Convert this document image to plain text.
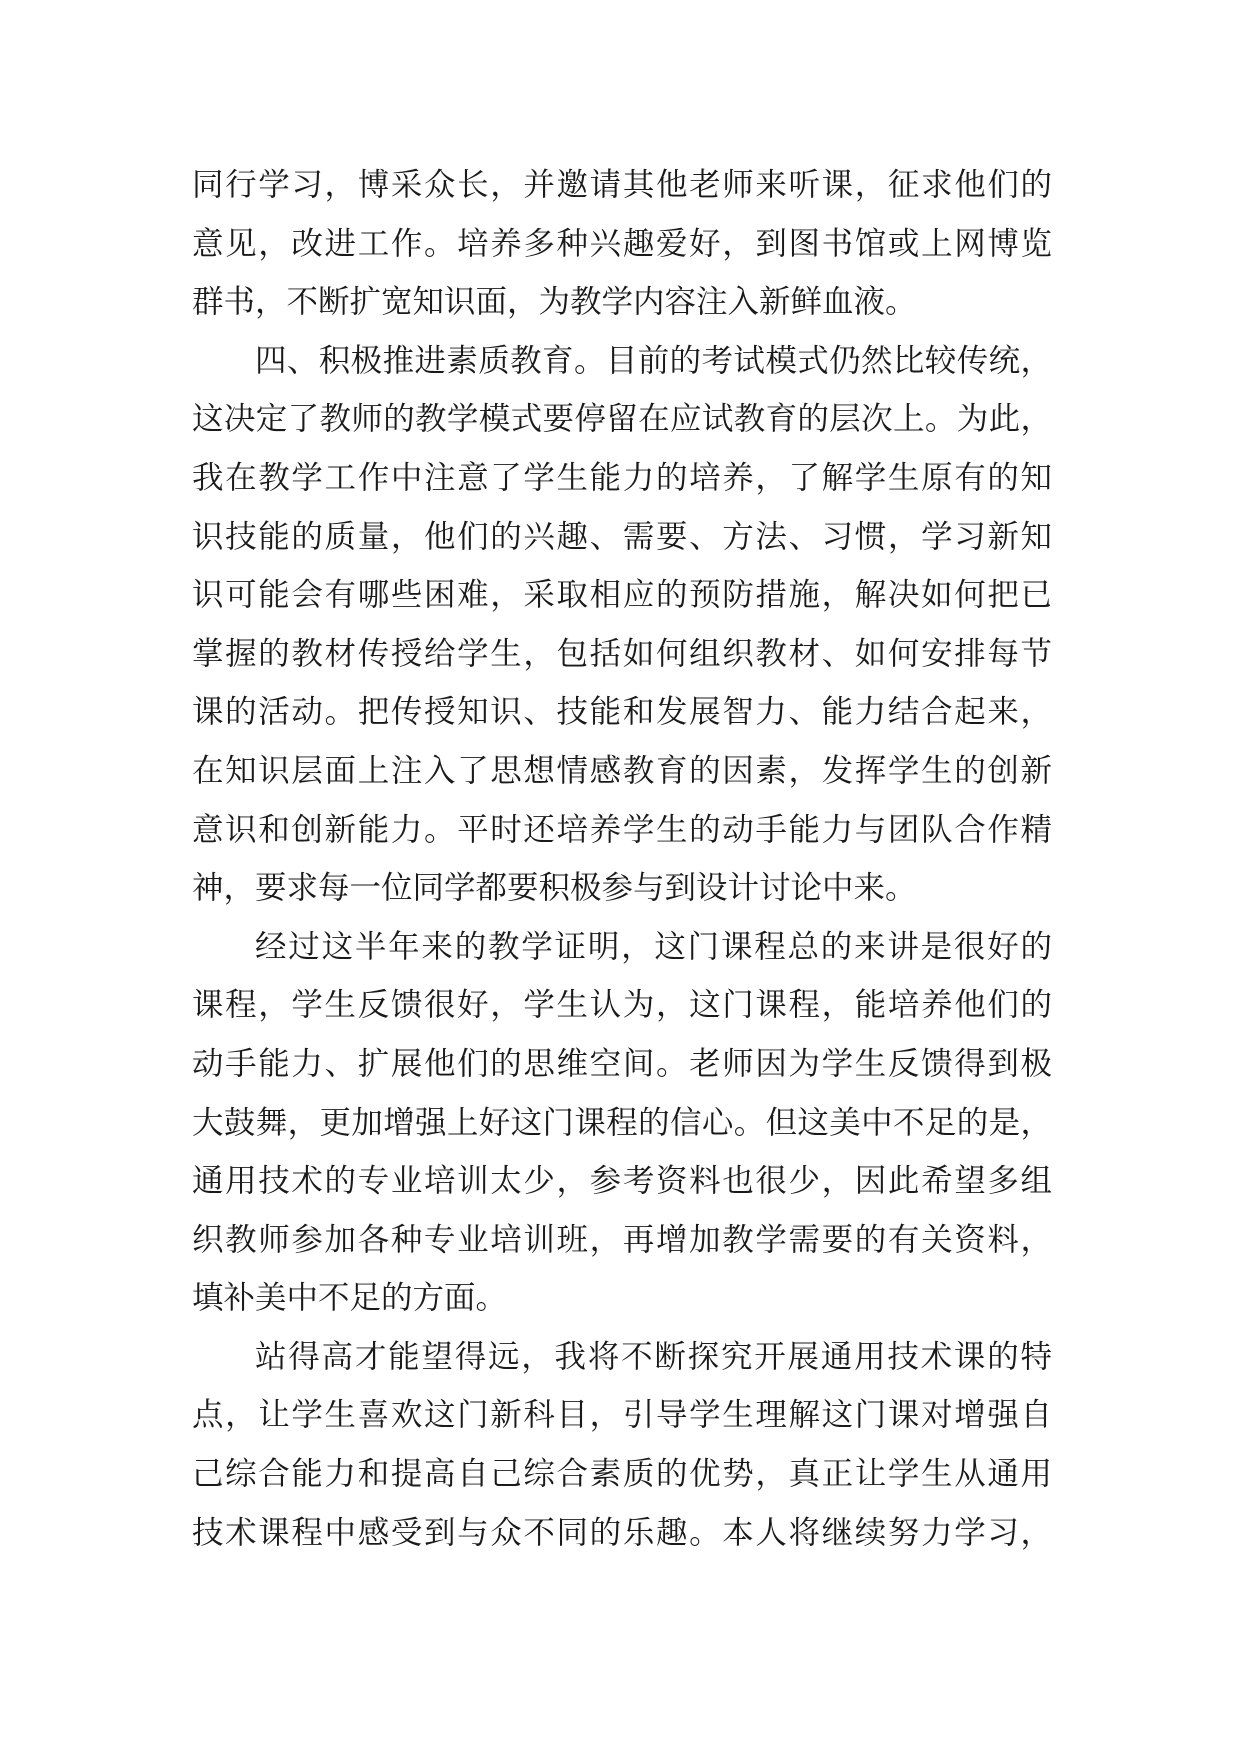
同行学习，博采众长，并邀请其他老师来听课，征求他们的
意见，改进工作。培养多种兴趣爱好，到图书馆或上网博览
群书，不断扩宽知识面，为教学内容注入新鲜血液。
四、积极推进素质教育。目前的考试模式仍然比较传统，
这决定了教师的教学模式要停留在应试教育的层次上。为此，
我在教学工作中注意了学生能力的培养，了解学生原有的知
识技能的质量，他们的兴趣、需要、方法、习惯，学习新知
识可能会有哪些困难，采取相应的预防措施，解决如何把已
掌握的教材传授给学生，包括如何组织教材、如何安排每节
课的活动。把传授知识、技能和发展智力、能力结合起来，
在知识层面上注入了思想情感教育的因素，发挥学生的创新
意识和创新能力。平时还培养学生的动手能力与团队合作精
神，要求每一位同学都要积极参与到设计讨论中来。
经过这半年来的教学证明，这门课程总的来讲是很好的
课程，学生反馈很好，学生认为，这门课程，能培养他们的
动手能力、扩展他们的思维空间。老师因为学生反馈得到极
大鼓舞，更加增强上好这门课程的信心。但这美中不足的是，
通用技术的专业培训太少，参考资料也很少，因此希望多组
织教师参加各种专业培训班，再增加教学需要的有关资料，
填补美中不足的方面。
站得高才能望得远，我将不断探究开展通用技术课的特
点，让学生喜欢这门新科目，引导学生理解这门课对增强自
己综合能力和提高自己综合素质的优势，真正让学生从通用
技术课程中感受到与众不同的乐趣。本人将继续努力学习，
